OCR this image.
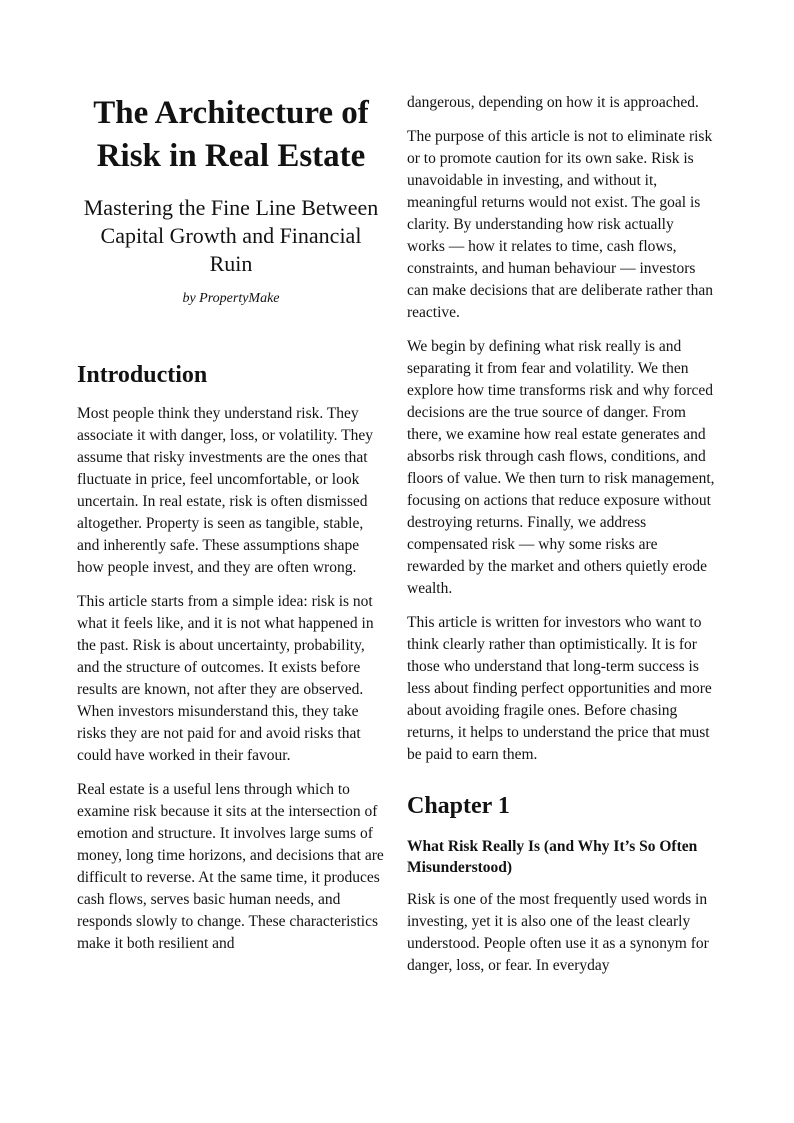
The Architecture of Risk in Real Estate
Mastering the Fine Line Between Capital Growth and Financial Ruin
by PropertyMake
Introduction

Most people think they understand risk. They associate it with danger, loss, or volatility. They assume that risky investments are the ones that fluctuate in price, feel uncomfortable, or look uncertain. In real estate, risk is often dismissed altogether. Property is seen as tangible, stable, and inherently safe. These assumptions shape how people invest, and they are often wrong.

This article starts from a simple idea: risk is not what it feels like, and it is not what happened in the past. Risk is about uncertainty, probability, and the structure of outcomes. It exists before results are known, not after they are observed. When investors misunderstand this, they take risks they are not paid for and avoid risks that could have worked in their favour.

Real estate is a useful lens through which to examine risk because it sits at the intersection of emotion and structure. It involves large sums of money, long time horizons, and decisions that are difficult to reverse. At the same time, it produces cash flows, serves basic human needs, and responds slowly to change. These characteristics make it both resilient and

dangerous, depending on how it is approached.

The purpose of this article is not to eliminate risk or to promote caution for its own sake. Risk is unavoidable in investing, and without it, meaningful returns would not exist. The goal is clarity. By understanding how risk actually works — how it relates to time, cash flows, constraints, and human behaviour — investors can make decisions that are deliberate rather than reactive.

We begin by defining what risk really is and separating it from fear and volatility. We then explore how time transforms risk and why forced decisions are the true source of danger. From there, we examine how real estate generates and absorbs risk through cash flows, conditions, and floors of value. We then turn to risk management, focusing on actions that reduce exposure without destroying returns. Finally, we address compensated risk — why some risks are rewarded by the market and others quietly erode wealth.

This article is written for investors who want to think clearly rather than optimistically. It is for those who understand that long-term success is less about finding perfect opportunities and more about avoiding fragile ones. Before chasing returns, it helps to understand the price that must be paid to earn them.

Chapter 1
What Risk Really Is (and Why It’s So Often Misunderstood)

Risk is one of the most frequently used words in investing, yet it is also one of the least clearly understood. People often use it as a synonym for danger, loss, or fear. In everyday
